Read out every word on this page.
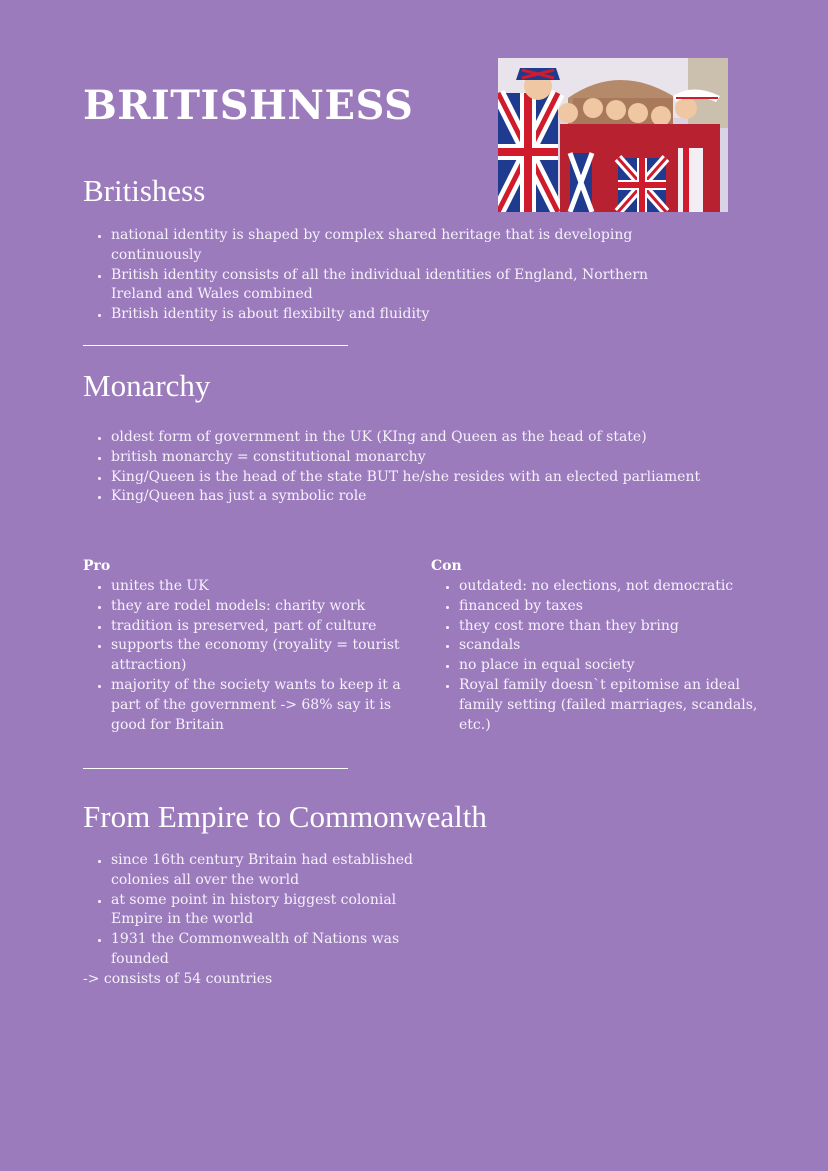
BRITISHNESS
Britishess
• national identity is shaped by complex shared heritage that is developing continuously
• British identity consists of all the individual identities of England, Northern Ireland and Wales combined
• British identity is about flexibilty and fluidity
Monarchy
• oldest form of government in the UK (KIng and Queen as the head of state)
• british monarchy = constitutional monarchy
• King/Queen is the head of the state BUT he/she resides with an elected parliament
• King/Queen has just a symbolic role

Pro

• unites the UK
• they are rodel models: charity work
• tradition is preserved, part of culture
• supports the economy (royality = tourist attraction)
• majority of the society wants to keep it a part of the government -> 68% say it is good for Britain

Con

• outdated: no elections, not democratic
• financed by taxes
• they cost more than they bring
• scandals
• no place in equal society
• Royal family doesn`t epitomise an ideal family setting (failed marriages, scandals, etc.)
From Empire to Commonwealth
• since 16th century Britain had established colonies all over the world
• at some point in history biggest colonial Empire in the world
• 1931 the Commonwealth of Nations was founded

-> consists of 54 countries
